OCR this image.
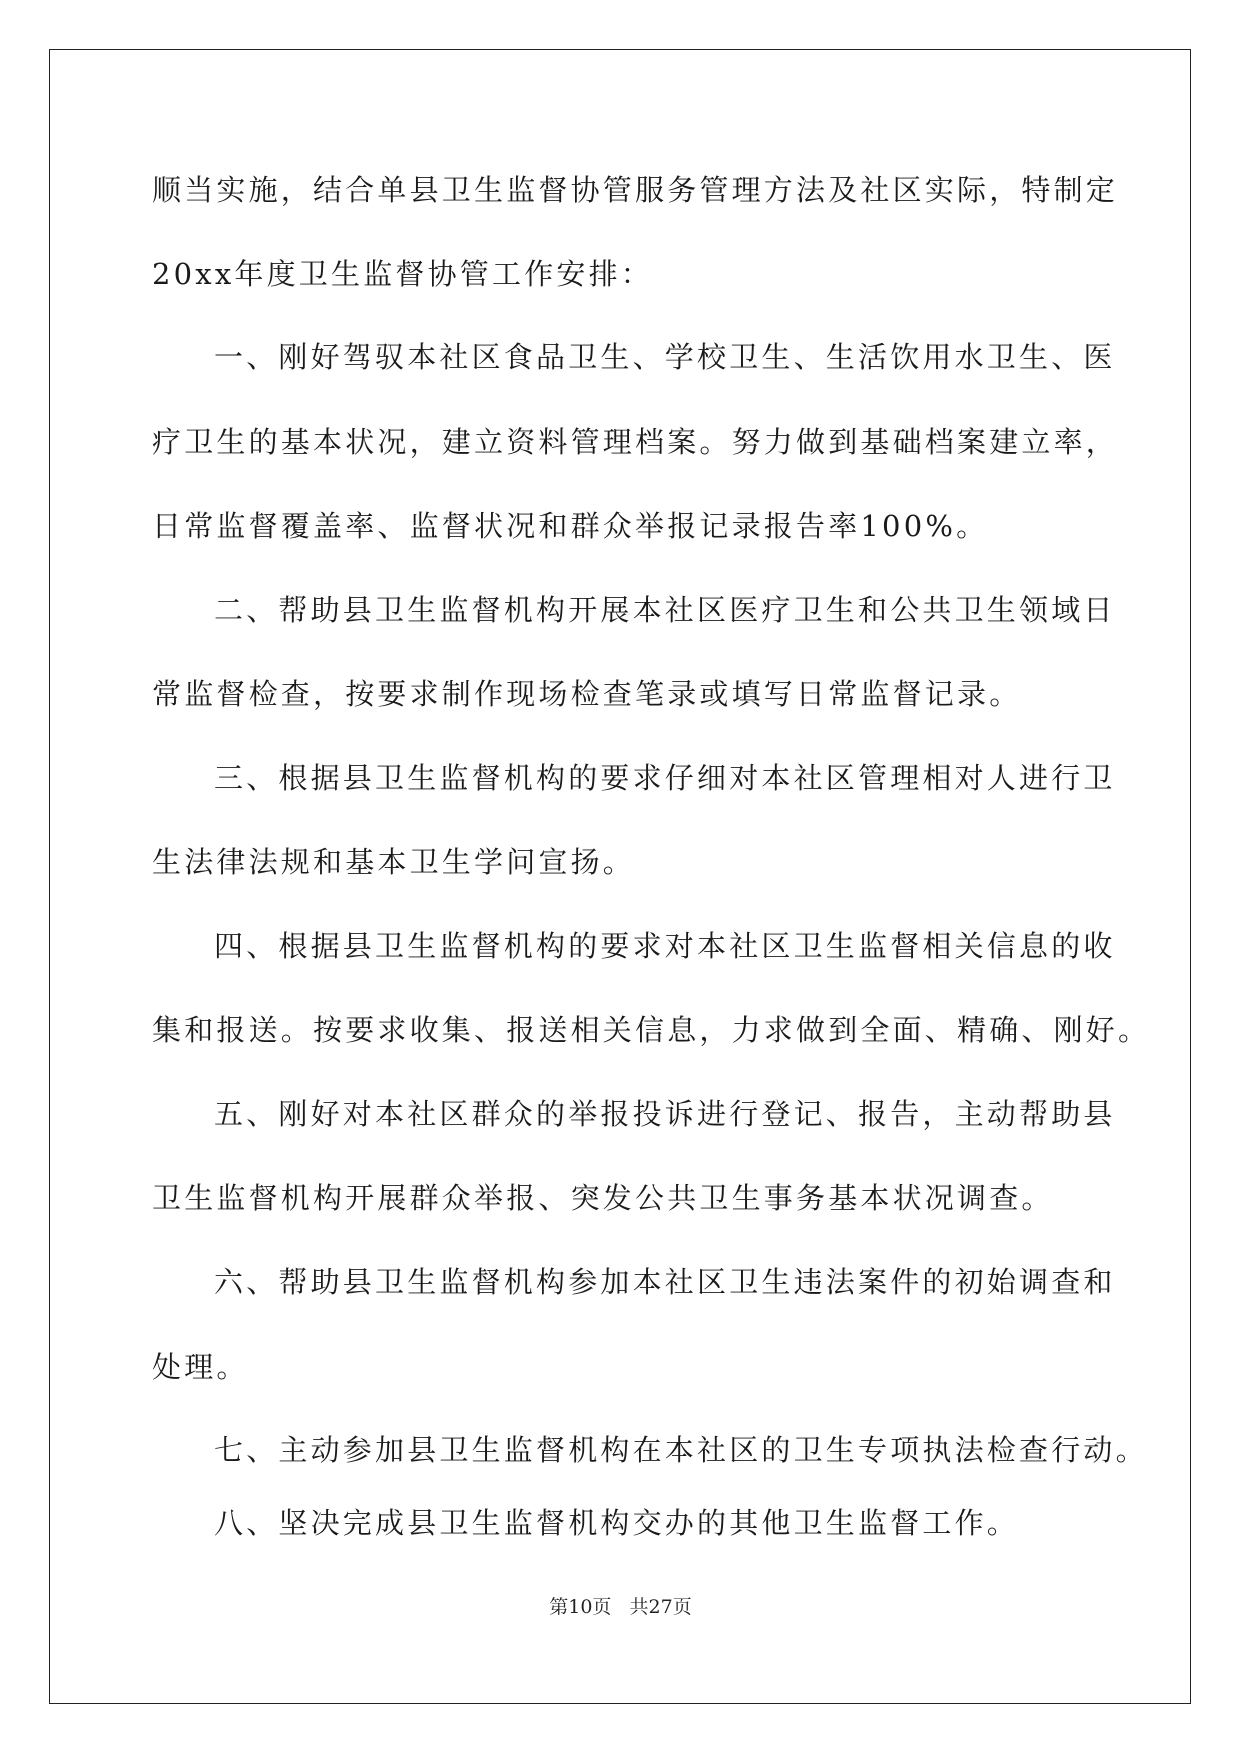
顺当实施，结合单县卫生监督协管服务管理方法及社区实际，特制定

20xx年度卫生监督协管工作安排：

一、刚好驾驭本社区食品卫生、学校卫生、生活饮用水卫生、医

疗卫生的基本状况，建立资料管理档案。努力做到基础档案建立率，

日常监督覆盖率、监督状况和群众举报记录报告率100%。

二、帮助县卫生监督机构开展本社区医疗卫生和公共卫生领域日

常监督检查，按要求制作现场检查笔录或填写日常监督记录。

三、根据县卫生监督机构的要求仔细对本社区管理相对人进行卫

生法律法规和基本卫生学问宣扬。

四、根据县卫生监督机构的要求对本社区卫生监督相关信息的收

集和报送。按要求收集、报送相关信息，力求做到全面、精确、刚好。

五、刚好对本社区群众的举报投诉进行登记、报告，主动帮助县

卫生监督机构开展群众举报、突发公共卫生事务基本状况调查。

六、帮助县卫生监督机构参加本社区卫生违法案件的初始调查和

处理。

七、主动参加县卫生监督机构在本社区的卫生专项执法检查行动。

八、坚决完成县卫生监督机构交办的其他卫生监督工作。

第10页   共27页
